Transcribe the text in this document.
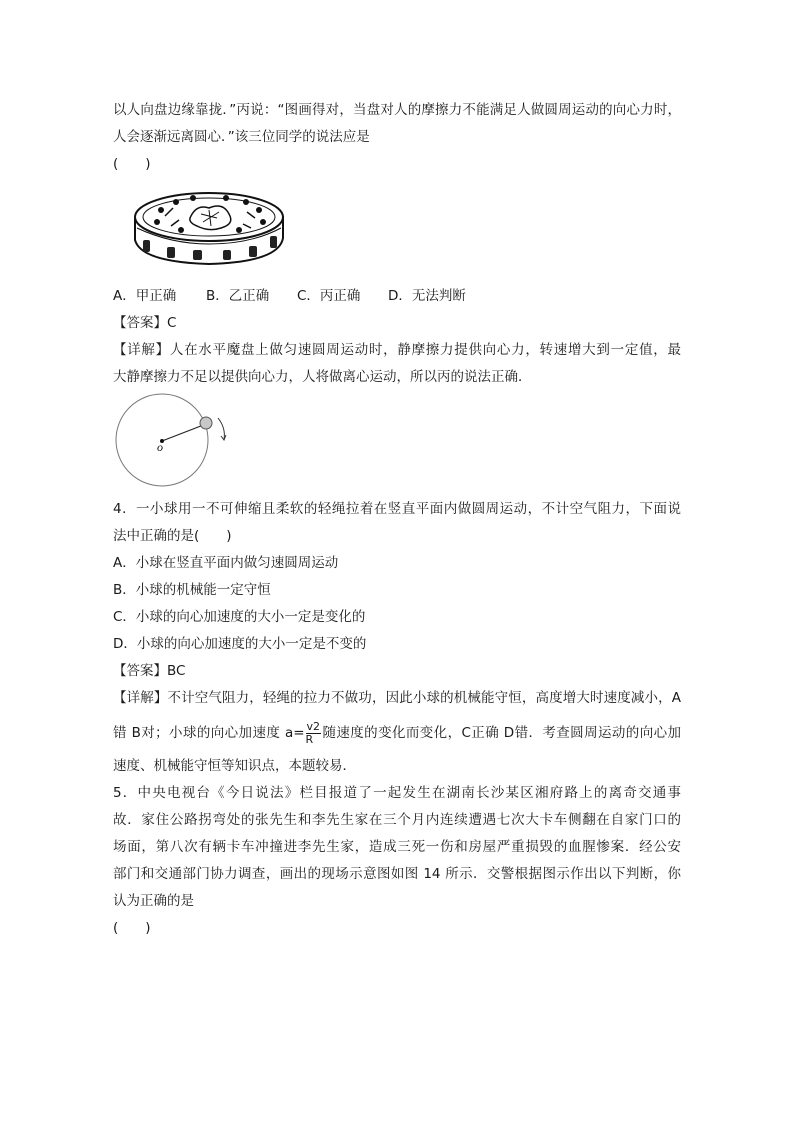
以人向盘边缘靠拢．”丙说：“图画得对，当盘对人的摩擦力不能满足人做圆周运动的向心力时，
人会逐渐远离圆心．”该三位同学的说法应是
(　　)
A．甲正确 B．乙正确 C．丙正确 D．无法判断
【答案】C
【详解】人在水平魔盘上做匀速圆周运动时，静摩擦力提供向心力，转速增大到一定值，最
大静摩擦力不足以提供向心力，人将做离心运动，所以丙的说法正确．
o
4．一小球用一不可伸缩且柔软的轻绳拉着在竖直平面内做圆周运动，不计空气阻力，下面说
法中正确的是(　　)
A．小球在竖直平面内做匀速圆周运动
B．小球的机械能一定守恒
C．小球的向心加速度的大小一定是变化的
D．小球的向心加速度的大小一定是不变的
【答案】BC
【详解】不计空气阻力，轻绳的拉力不做功，因此小球的机械能守恒，高度增大时速度减小，A
错 B对；小球的向心加速度 $a= \frac{v2}{R}$ 随速度的变化而变化，C正确 D错．考查圆周运动的向心加
速度、机械能守恒等知识点，本题较易．
5．中央电视台《今日说法》栏目报道了一起发生在湖南长沙某区湘府路上的离奇交通事
故．家住公路拐弯处的张先生和李先生家在三个月内连续遭遇七次大卡车侧翻在自家门口的
场面，第八次有辆卡车冲撞进李先生家，造成三死一伤和房屋严重损毁的血腥惨案．经公安
部门和交通部门协力调查，画出的现场示意图如图 14 所示．交警根据图示作出以下判断，你
认为正确的是
(　　)
